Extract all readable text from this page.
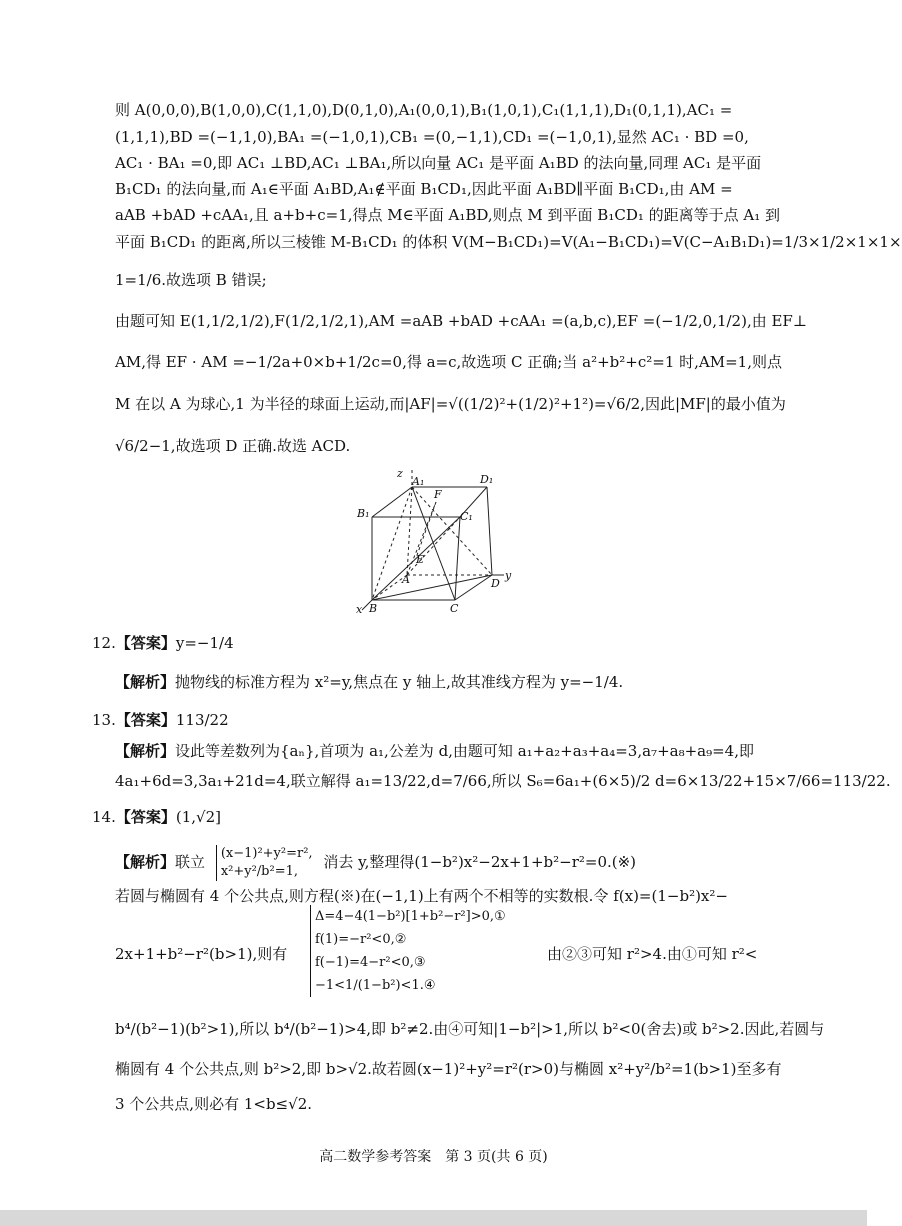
则 A(0,0,0),B(1,0,0),C(1,1,0),D(0,1,0),A₁(0,0,1),B₁(1,0,1),C₁(1,1,1),D₁(0,1,1),AC₁ =
(1,1,1),BD =(−1,1,0),BA₁ =(−1,0,1),CB₁ =(0,−1,1),CD₁ =(−1,0,1),显然 AC₁ · BD =0,
AC₁ · BA₁ =0,即 AC₁ ⊥BD,AC₁ ⊥BA₁,所以向量 AC₁ 是平面 A₁BD 的法向量,同理 AC₁ 是平面
B₁CD₁ 的法向量,而 A₁∈平面 A₁BD,A₁∉平面 B₁CD₁,因此平面 A₁BD∥平面 B₁CD₁,由 AM =
aAB +bAD +cAA₁,且 a+b+c=1,得点 M∈平面 A₁BD,则点 M 到平面 B₁CD₁ 的距离等于点 A₁ 到
平面 B₁CD₁ 的距离,所以三棱锥 M-B₁CD₁ 的体积 V(M−B₁CD₁)=V(A₁−B₁CD₁)=V(C−A₁B₁D₁)=1/3×1/2×1×1×
1=1/6.故选项 B 错误;
由题可知 E(1,1/2,1/2),F(1/2,1/2,1),AM =aAB +bAD +cAA₁ =(a,b,c),EF =(−1/2,0,1/2),由 EF⊥
AM,得 EF · AM =−1/2a+0×b+1/2c=0,得 a=c,故选项 C 正确;当 a²+b²+c²=1 时,AM=1,则点
M 在以 A 为球心,1 为半径的球面上运动,而|AF|=√((1/2)²+(1/2)²+1²)=√6/2,因此|MF|的最小值为
√6/2−1,故选项 D 正确.故选 ACD.
z
y
x
A₁	D₁
B₁	C₁
F
E
A	D
B	C
12.【答案】y=−1/4
【解析】抛物线的标准方程为 x²=y,焦点在 y 轴上,故其准线方程为 y=−1/4.
13.【答案】113/22
【解析】设此等差数列为{aₙ},首项为 a₁,公差为 d,由题可知 a₁+a₂+a₃+a₄=3,a₇+a₈+a₉=4,即
4a₁+6d=3,3a₁+21d=4,联立解得 a₁=13/22,d=7/66,所以 S₆=6a₁+(6×5)/2 d=6×13/22+15×7/66=113/22.
14.【答案】(1,√2]
【解析】联立 (x−1)²+y²=r²,
x²+y²/b²=1,
消去 y,整理得(1−b²)x²−2x+1+b²−r²=0.(※)
若圆与椭圆有 4 个公共点,则方程(※)在(−1,1)上有两个不相等的实数根.令 f(x)=(1−b²)x²−
2x+1+b²−r²(b>1),则有
Δ=4−4(1−b²)[1+b²−r²]>0,①
f(1)=−r²<0,②
f(−1)=4−r²<0,③
−1<1/(1−b²)<1.④
由②③可知 r²>4.由①可知 r²<
b⁴/(b²−1)(b²>1),所以 b⁴/(b²−1)>4,即 b²≠2.由④可知|1−b²|>1,所以 b²<0(舍去)或 b²>2.因此,若圆与
椭圆有 4 个公共点,则 b²>2,即 b>√2.故若圆(x−1)²+y²=r²(r>0)与椭圆 x²+y²/b²=1(b>1)至多有
3 个公共点,则必有 1<b≤√2.
高二数学参考答案　第 3 页(共 6 页)
